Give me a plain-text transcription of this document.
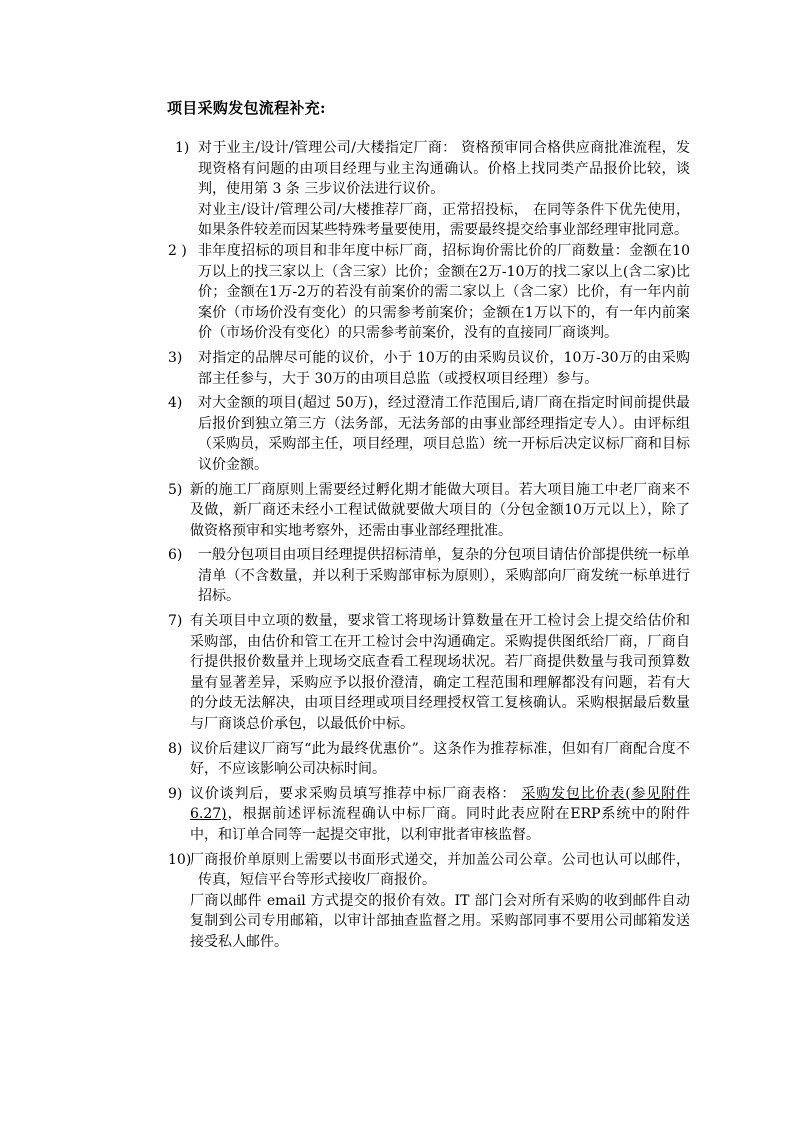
项目采购发包流程补充:
1) 对于业主/设计/管理公司/大楼指定厂商： 资格预审同合格供应商批准流程，发现资格有问题的由项目经理与业主沟通确认。价格上找同类产品报价比较，谈判，使用第 3 条 三步议价法进行议价。

对业主/设计/管理公司/大楼推荐厂商，正常招投标， 在同等条件下优先使用，如果条件较差而因某些特殊考量要使用，需要最终提交给事业部经理审批同意。

2 ) 非年度招标的项目和非年度中标厂商，招标询价需比价的厂商数量：金额在10万以上的找三家以上（含三家）比价；金额在2万-10万的找二家以上(含二家)比价；金额在1万-2万的若没有前案价的需二家以上（含二家）比价，有一年内前案价（市场价没有变化）的只需参考前案价；金额在1万以下的，有一年内前案价（市场价没有变化）的只需参考前案价，没有的直接同厂商谈判。

3) 对指定的品牌尽可能的议价，小于 10万的由采购员议价，10万-30万的由采购部主任参与，大于 30万的由项目总监（或授权项目经理）参与。

4) 对大金额的项目(超过 50万)，经过澄清工作范围后,请厂商在指定时间前提供最后报价到独立第三方（法务部，无法务部的由事业部经理指定专人）。由评标组（采购员，采购部主任，项目经理，项目总监）统一开标后决定议标厂商和目标议价金额。

5) 新的施工厂商原则上需要经过孵化期才能做大项目。若大项目施工中老厂商来不及做，新厂商还未经小工程试做就要做大项目的（分包金额10万元以上），除了做资格预审和实地考察外，还需由事业部经理批准。

6) 一般分包项目由项目经理提供招标清单，复杂的分包项目请估价部提供统一标单清单（不含数量，并以利于采购部审标为原则），采购部向厂商发统一标单进行招标。

7) 有关项目中立项的数量，要求管工将现场计算数量在开工检讨会上提交给估价和采购部，由估价和管工在开工检讨会中沟通确定。采购提供图纸给厂商，厂商自行提供报价数量并上现场交底查看工程现场状况。若厂商提供数量与我司预算数量有显著差异，采购应予以报价澄清，确定工程范围和理解都没有问题，若有大的分歧无法解决，由项目经理或项目经理授权管工复核确认。采购根据最后数量与厂商谈总价承包，以最低价中标。

8) 议价后建议厂商写“此为最终优惠价”。这条作为推荐标准，但如有厂商配合度不好，不应该影响公司决标时间。

9) 议价谈判后，要求采购员填写推荐中标厂商表格： 采购发包比价表(参见附件 6.27)，根据前述评标流程确认中标厂商。同时此表应附在ERP系统中的附件中，和订单合同等一起提交审批，以利审批者审核监督。

10)

厂商报价单原则上需要以书面形式递交，并加盖公司公章。公司也认可以邮件，传真，短信平台等形式接收厂商报价。

厂商以邮件 email 方式提交的报价有效。IT 部门会对所有采购的收到邮件自动复制到公司专用邮箱，以审计部抽查监督之用。采购部同事不要用公司邮箱发送接受私人邮件。
